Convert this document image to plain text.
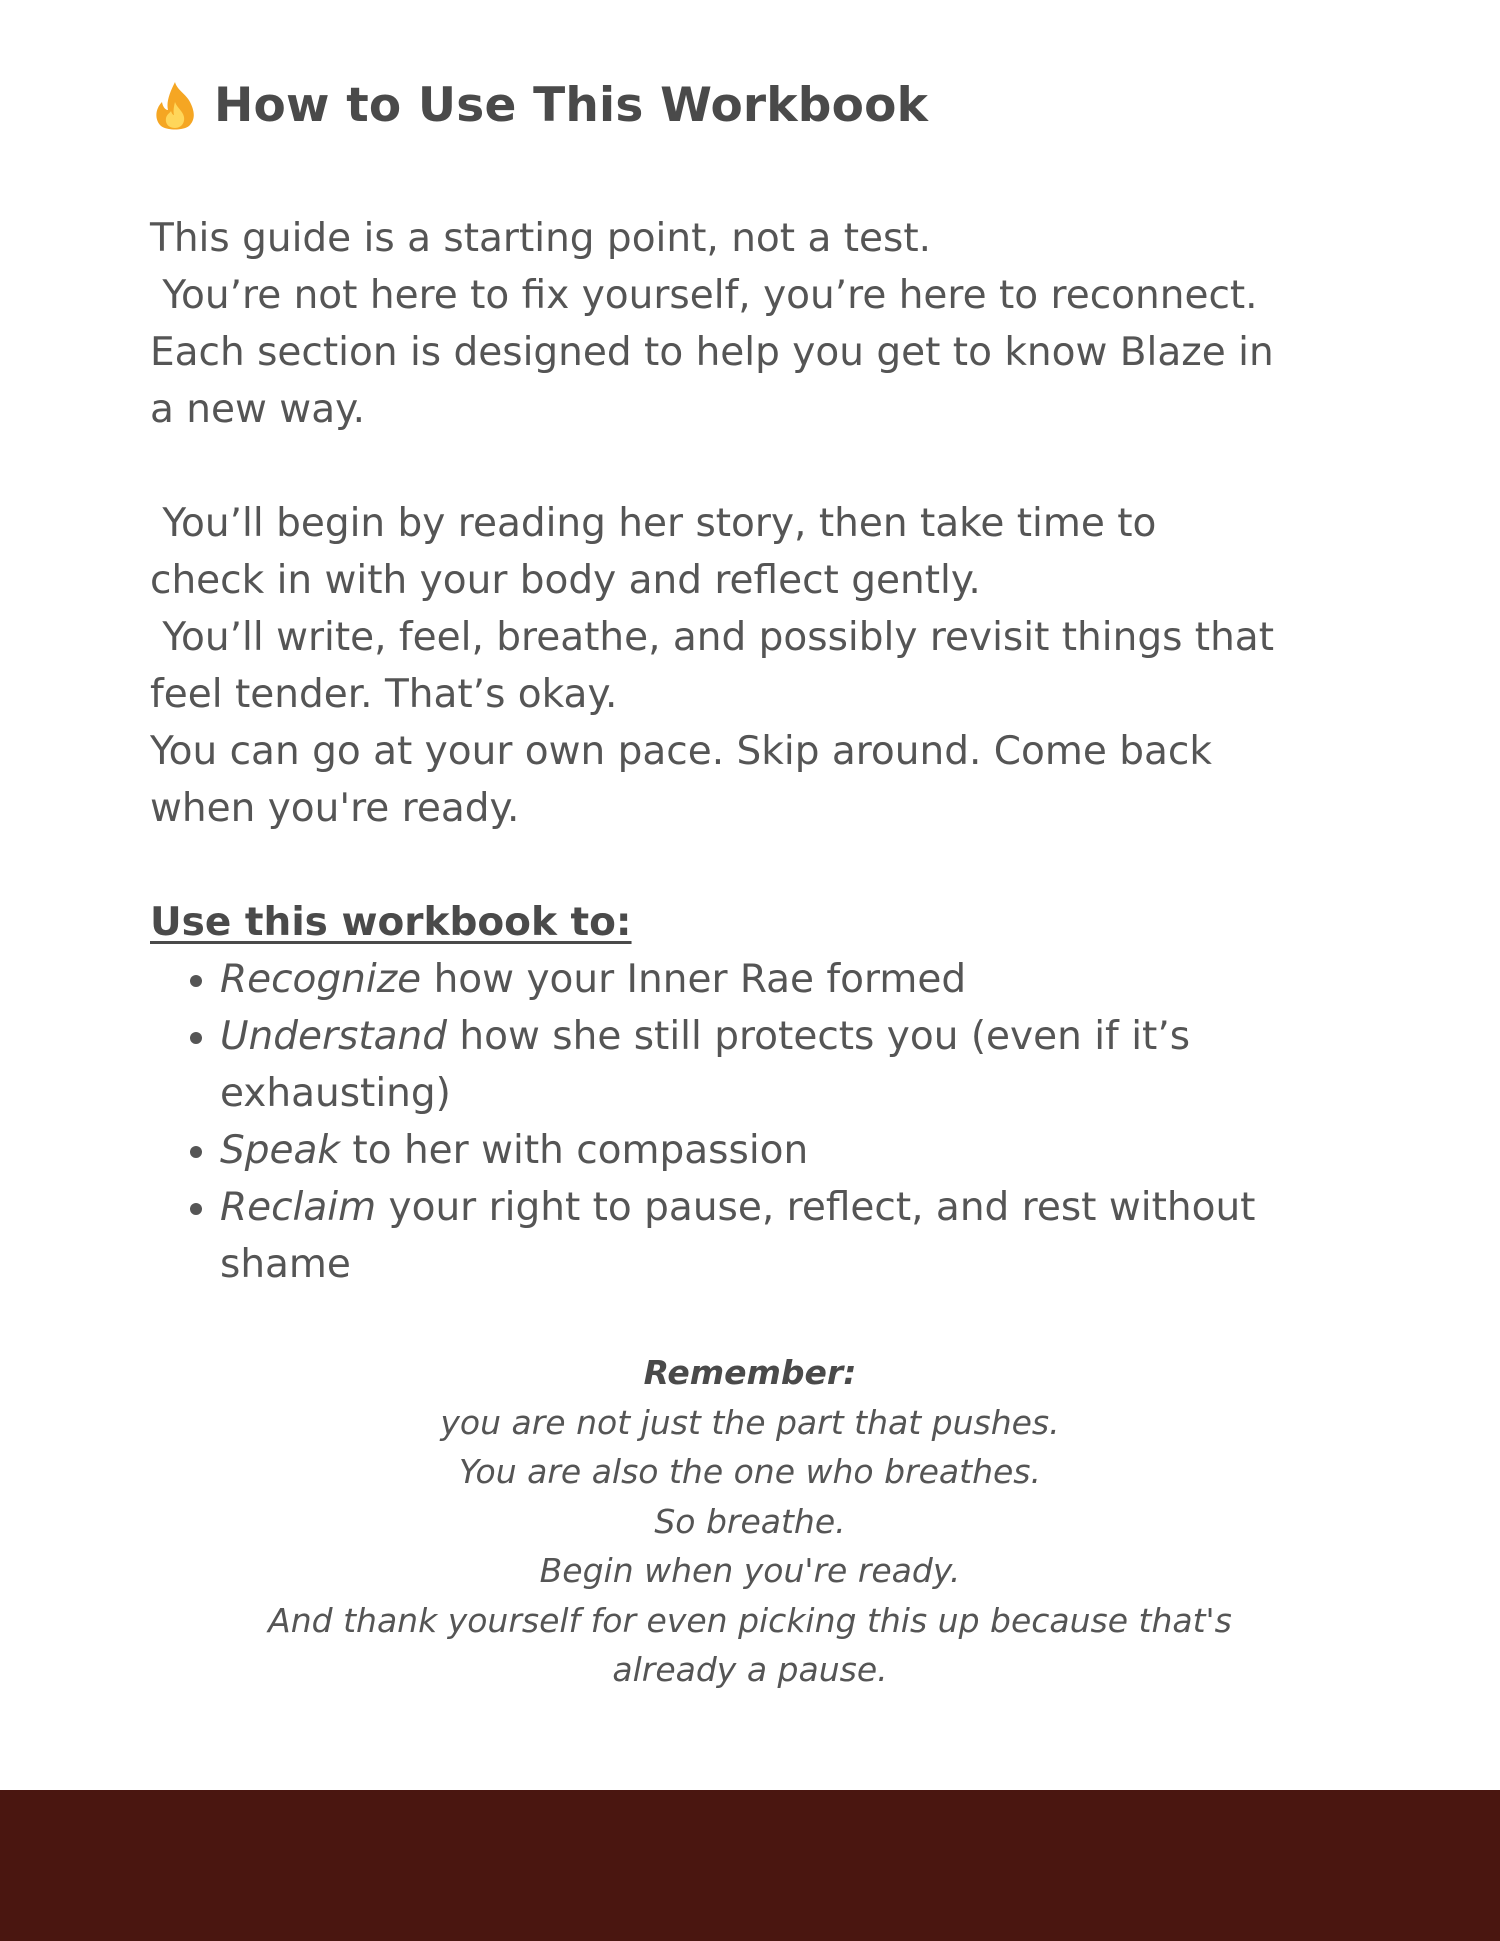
How to Use This Workbook

This guide is a starting point, not a test.

You’re not here to fix yourself, you’re here to reconnect.

Each section is designed to help you get to know Blaze in

a new way.

You’ll begin by reading her story, then take time to

check in with your body and reflect gently.

You’ll write, feel, breathe, and possibly revisit things that

feel tender. That’s okay.

You can go at your own pace. Skip around. Come back

when you're ready.

Use this workbook to:

• Recognize how your Inner Rae formed
• Understand how she still protects you (even if it’s exhausting)
• Speak to her with compassion
• Reclaim your right to pause, reflect, and rest without shame

Remember:

you are not just the part that pushes.

You are also the one who breathes.

So breathe.

Begin when you're ready.

And thank yourself for even picking this up because that's

already a pause.
